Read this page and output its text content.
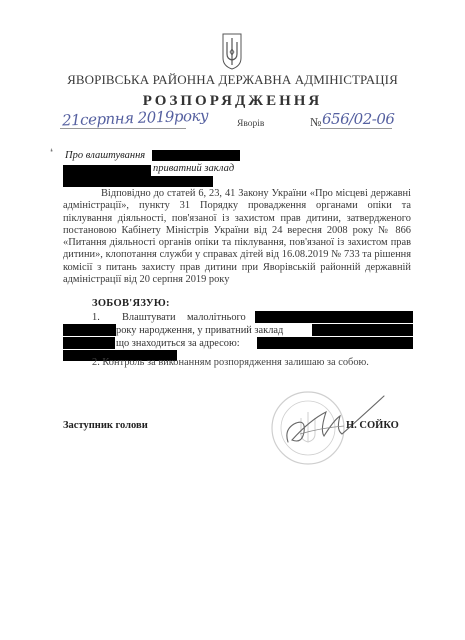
ЯВОРІВСЬКА РАЙОННА ДЕРЖАВНА АДМІНІСТРАЦІЯ
РОЗПОРЯДЖЕННЯ
21серпня 2019року	Яворів	№ 656/02-06
❛ Про влаштування
приватний заклад
Відповідно до статей 6, 23, 41 Закону України «Про місцеві державні адміністрації», пункту 31 Порядку провадження органами опіки та піклування діяльності, пов'язаної із захистом прав дитини, затвердженого постановою Кабінету Міністрів України від 24 вересня 2008 року № 866 «Питання діяльності органів опіки та піклування, пов'язаної із захистом прав дитини», клопотання служби у справах дітей від 16.08.2019 № 733 та рішення комісії з питань захисту прав дитини при Яворівській районній державній адміністрації від 20 серпня 2019 року
ЗОБОВ'ЯЗУЮ:
1. Влаштувати малолітнього
року народження, у приватний заклад
що знаходиться за адресою:
2. Контроль за виконанням розпорядження залишаю за собою.
Заступник голови	Н. СОЙКО
